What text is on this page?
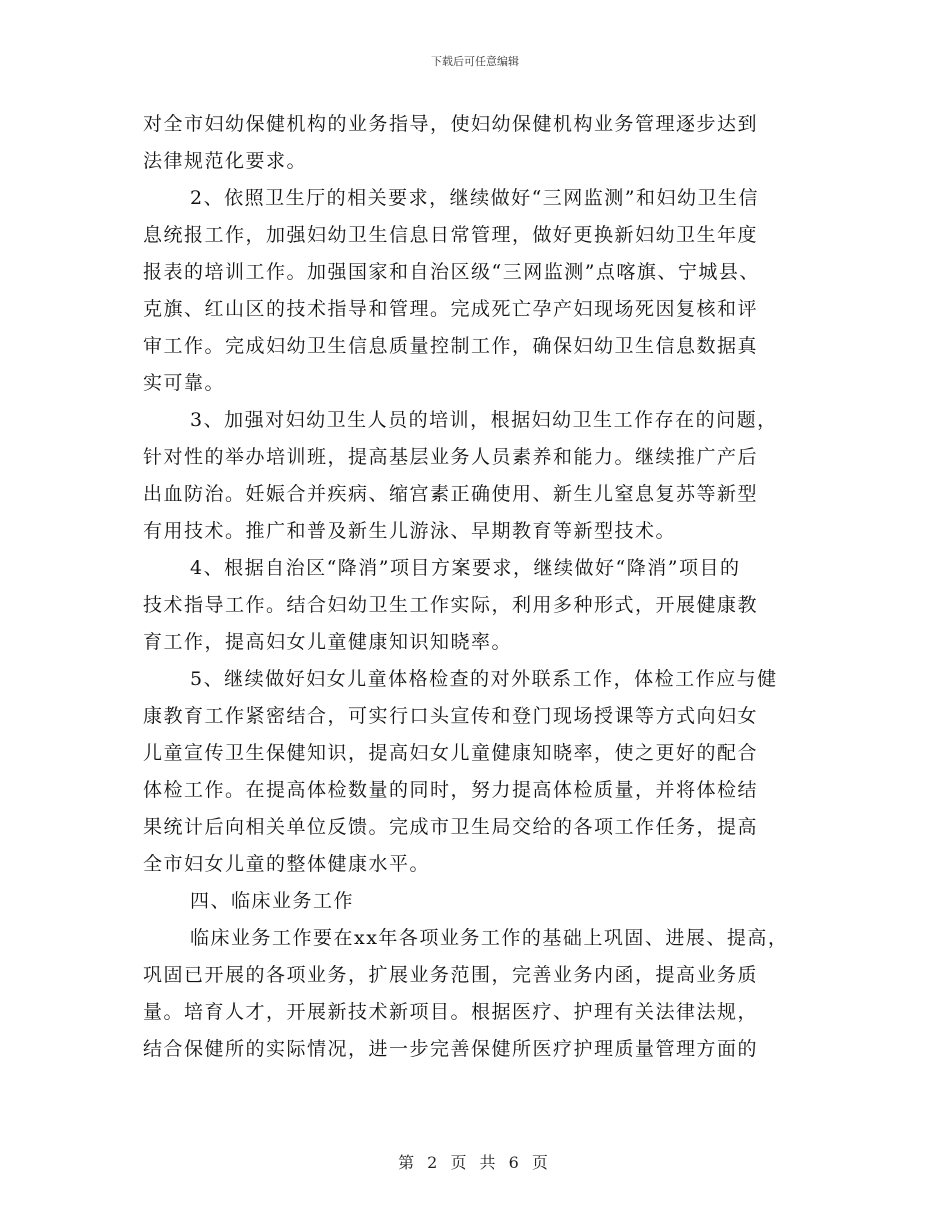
下载后可任意编辑
对全市妇幼保健机构的业务指导，使妇幼保健机构业务管理逐步达到
法律规范化要求。
2、依照卫生厅的相关要求，继续做好“三网监测”和妇幼卫生信
息统报工作，加强妇幼卫生信息日常管理，做好更换新妇幼卫生年度
报表的培训工作。加强国家和自治区级“三网监测”点喀旗、宁城县、
克旗、红山区的技术指导和管理。完成死亡孕产妇现场死因复核和评
审工作。完成妇幼卫生信息质量控制工作，确保妇幼卫生信息数据真
实可靠。
3、加强对妇幼卫生人员的培训，根据妇幼卫生工作存在的问题，
针对性的举办培训班，提高基层业务人员素养和能力。继续推广产后
出血防治。妊娠合并疾病、缩宫素正确使用、新生儿窒息复苏等新型
有用技术。推广和普及新生儿游泳、早期教育等新型技术。
4、根据自治区“降消”项目方案要求，继续做好“降消”项目的
技术指导工作。结合妇幼卫生工作实际，利用多种形式，开展健康教
育工作，提高妇女儿童健康知识知晓率。
5、继续做好妇女儿童体格检查的对外联系工作，体检工作应与健
康教育工作紧密结合，可实行口头宣传和登门现场授课等方式向妇女
儿童宣传卫生保健知识，提高妇女儿童健康知晓率，使之更好的配合
体检工作。在提高体检数量的同时，努力提高体检质量，并将体检结
果统计后向相关单位反馈。完成市卫生局交给的各项工作任务，提高
全市妇女儿童的整体健康水平。
四、临床业务工作
临床业务工作要在xx年各项业务工作的基础上巩固、进展、提高，
巩固已开展的各项业务，扩展业务范围，完善业务内函，提高业务质
量。培育人才，开展新技术新项目。根据医疗、护理有关法律法规，
结合保健所的实际情况，进一步完善保健所医疗护理质量管理方面的
第 2 页 共 6 页
